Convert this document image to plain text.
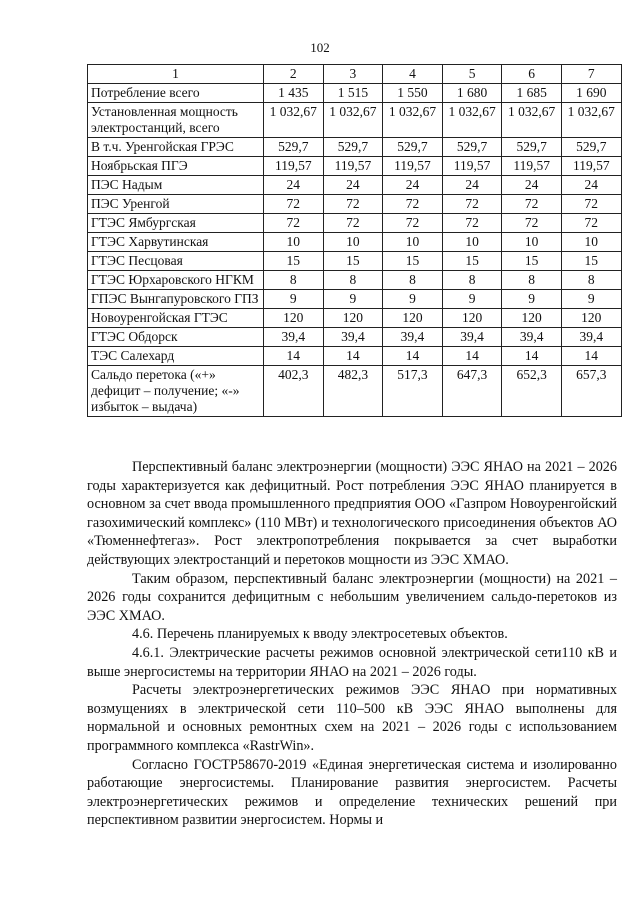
102
1	2	3	4	5	6	7
Потребление всего	1 435	1 515	1 550	1 680	1 685	1 690
Установленная мощность электростанций, всего	1 032,67	1 032,67	1 032,67	1 032,67	1 032,67	1 032,67
В т.ч. Уренгойская ГРЭС	529,7	529,7	529,7	529,7	529,7	529,7
Ноябрьская ПГЭ	119,57	119,57	119,57	119,57	119,57	119,57
ПЭС Надым	24	24	24	24	24	24
ПЭС Уренгой	72	72	72	72	72	72
ГТЭС Ямбургская	72	72	72	72	72	72
ГТЭС Харвутинская	10	10	10	10	10	10
ГТЭС Песцовая	15	15	15	15	15	15
ГТЭС Юрхаровского НГКМ	8	8	8	8	8	8
ГПЭС Вынгапуровского ГПЗ	9	9	9	9	9	9
Новоуренгойская ГТЭС	120	120	120	120	120	120
ГТЭС Обдорск	39,4	39,4	39,4	39,4	39,4	39,4
ТЭС Салехард	14	14	14	14	14	14
Сальдо перетока («+» дефицит – получение; «-» избыток – выдача)	402,3	482,3	517,3	647,3	652,3	657,3

Перспективный баланс электроэнергии (мощности) ЭЭС ЯНАО на 2021 – 2026 годы характеризуется как дефицитный. Рост потребления ЭЭС ЯНАО планируется в основном за счет ввода промышленного предприятия ООО «Газпром Новоуренгойский газохимический комплекс» (110 МВт) и технологического присоединения объектов АО «Тюменнефтегаз». Рост электропотребления покрывается за счет выработки действующих электростанций и перетоков мощности из ЭЭС ХМАО.

Таким образом, перспективный баланс электроэнергии (мощности) на 2021 – 2026 годы сохранится дефицитным с небольшим увеличением сальдо-перетоков из ЭЭС ХМАО.

4.6. Перечень планируемых к вводу электросетевых объектов.

4.6.1. Электрические расчеты режимов основной электрической сети110 кВ и выше энергосистемы на территории ЯНАО на 2021 – 2026 годы.

Расчеты электроэнергетических режимов ЭЭС ЯНАО при нормативных возмущениях в электрической сети 110–500 кВ ЭЭС ЯНАО выполнены для нормальной и основных ремонтных схем на 2021 – 2026 годы с использованием программного комплекса «RastrWin».

Согласно ГОСТР58670-2019 «Единая энергетическая система и изолированно работающие энергосистемы. Планирование развития энергосистем. Расчеты электроэнергетических режимов и определение технических решений при перспективном развитии энергосистем. Нормы и
